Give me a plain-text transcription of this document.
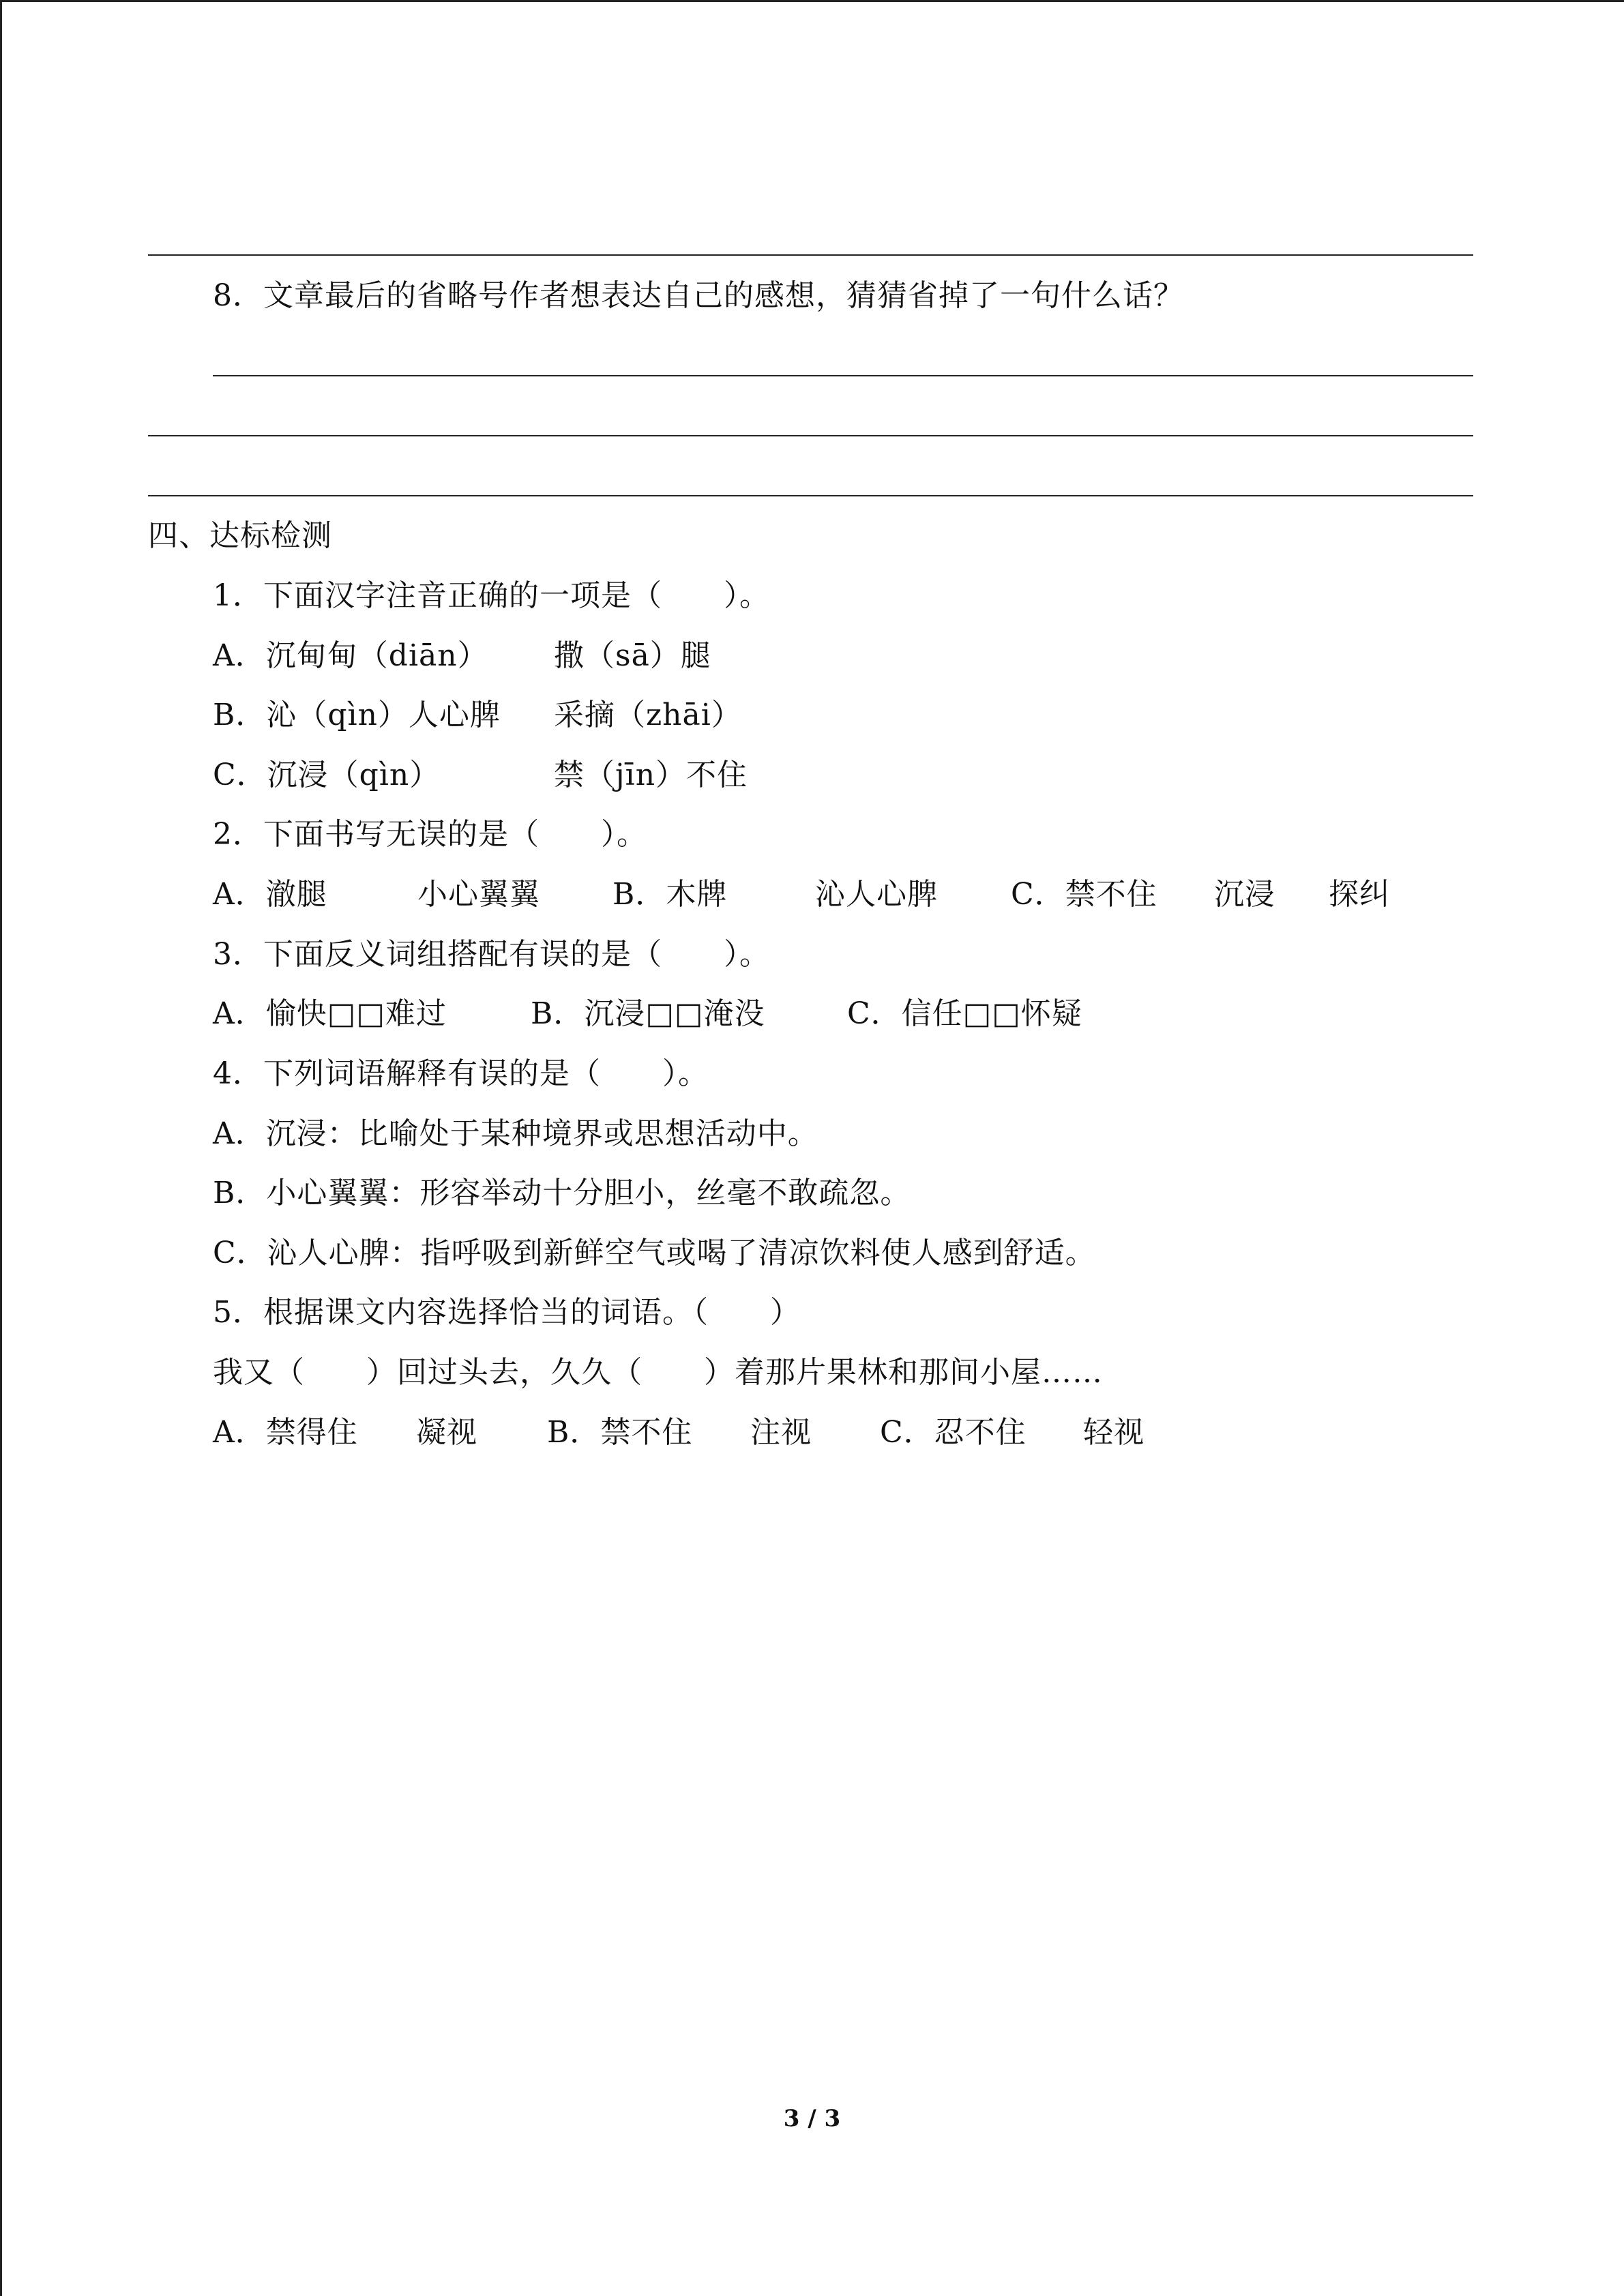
8．文章最后的省略号作者想表达自己的感想，猜猜省掉了一句什么话？
四、达标检测
1．下面汉字注音正确的一项是（　　）。
A．沉甸甸（diān） 撒（sā）腿
B．沁（qìn）人心脾 采摘（zhāi）
C．沉浸（qìn）	禁（jīn）不住
2．下面书写无误的是（　　）。
A．澈腿	小心翼翼 B．木牌	沁人心脾 C．禁不住 沉浸 探纠
3．下面反义词组搭配有误的是（　　）。
A．愉快□□难过	B．沉浸□□淹没	C．信任□□怀疑
4．下列词语解释有误的是（　　）。
A．沉浸：比喻处于某种境界或思想活动中。
B．小心翼翼：形容举动十分胆小，丝毫不敢疏忽。
C．沁人心脾：指呼吸到新鲜空气或喝了清凉饮料使人感到舒适。
5．根据课文内容选择恰当的词语。（　　）
我又（　　）回过头去，久久（　　）着那片果林和那间小屋……
A．禁得住 凝视 B．禁不住 注视 C．忍不住 轻视
3 / 3
